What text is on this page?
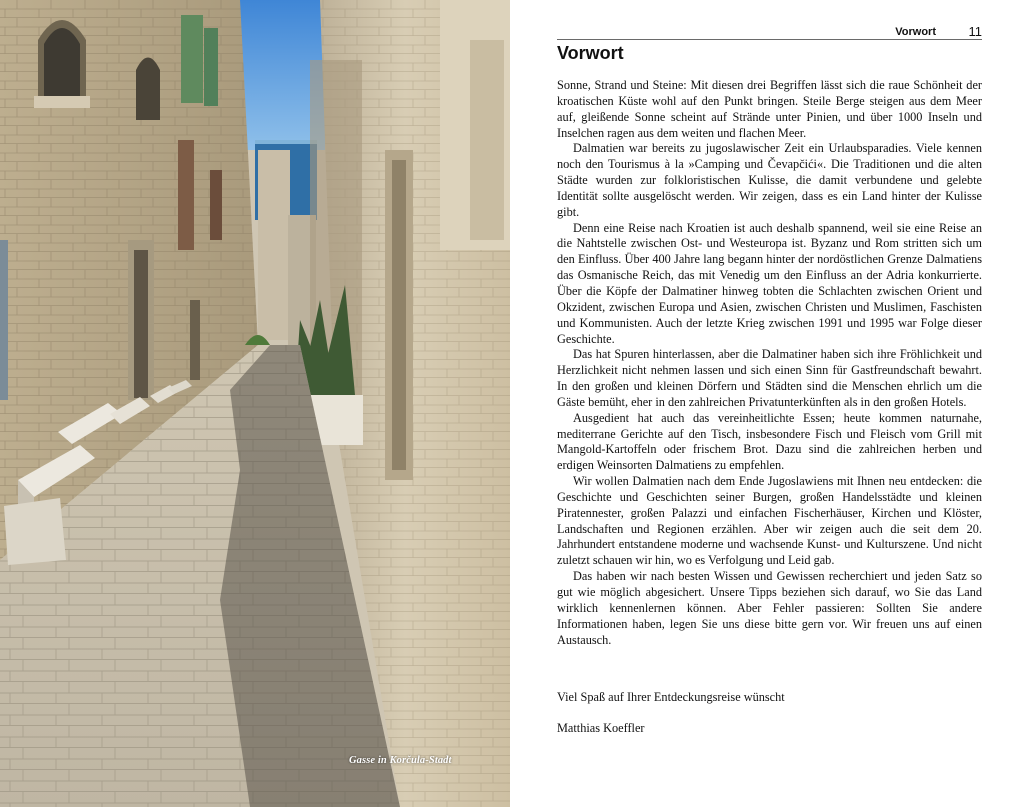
Gasse in Korčula-Stadt
Vorwort	11
Vorwort

Sonne, Strand und Steine: Mit diesen drei Begriffen lässt sich die raue Schönheit der kroatischen Küste wohl auf den Punkt bringen. Steile Berge steigen aus dem Meer auf, gleißende Sonne scheint auf Strände unter Pinien, und über 1000 Inseln und Inselchen ragen aus dem weiten und flachen Meer.

Dalmatien war bereits zu jugoslawischer Zeit ein Urlaubsparadies. Viele kennen noch den Tourismus à la »Camping und Čevapčići«. Die Traditionen und die alten Städte wurden zur folkloristischen Kulisse, die damit verbundene und gelebte Identität sollte ausgelöscht werden. Wir zeigen, dass es ein Land hinter der Kulisse gibt.

Denn eine Reise nach Kroatien ist auch deshalb spannend, weil sie eine Reise an die Nahtstelle zwischen Ost- und Westeuropa ist. Byzanz und Rom stritten sich um den Einfluss. Über 400 Jahre lang begann hinter der nordöstlichen Grenze Dalmatiens das Osmanische Reich, das mit Venedig um den Einfluss an der Adria konkurrierte. Über die Köpfe der Dalmatiner hinweg tobten die Schlachten zwischen Orient und Okzident, zwischen Europa und Asien, zwischen Christen und Muslimen, Faschisten und Kommunisten. Auch der letzte Krieg zwischen 1991 und 1995 war Folge dieser Geschichte.

Das hat Spuren hinterlassen, aber die Dalmatiner haben sich ihre Fröhlichkeit und Herzlichkeit nicht nehmen lassen und sich einen Sinn für Gastfreundschaft bewahrt. In den großen und kleinen Dörfern und Städten sind die Menschen ehrlich um die Gäste bemüht, eher in den zahlreichen Privatunterkünften als in den großen Hotels.

Ausgedient hat auch das vereinheitlichte Essen; heute kommen naturnahe, mediterrane Gerichte auf den Tisch, insbesondere Fisch und Fleisch vom Grill mit Mangold-Kartoffeln oder frischem Brot. Dazu sind die zahlreichen herben und erdigen Weinsorten Dalmatiens zu empfehlen.

Wir wollen Dalmatien nach dem Ende Jugoslawiens mit Ihnen neu entdecken: die Geschichte und Geschichten seiner Burgen, großen Handelsstädte und kleinen Piratennester, großen Palazzi und einfachen Fischerhäuser, Kirchen und Klöster, Landschaften und Regionen erzählen. Aber wir zeigen auch die seit dem 20. Jahrhundert entstandene moderne und wachsende Kunst- und Kulturszene. Und nicht zuletzt schauen wir hin, wo es Verfolgung und Leid gab.

Das haben wir nach besten Wissen und Gewissen recherchiert und jeden Satz so gut wie möglich abgesichert. Unsere Tipps beziehen sich darauf, wo Sie das Land wirklich kennenlernen können. Aber Fehler passieren: Sollten Sie andere Informationen haben, legen Sie uns diese bitte gern vor. Wir freuen uns auf einen Austausch.

Viel Spaß auf Ihrer Entdeckungsreise wünscht
Matthias Koeffler
